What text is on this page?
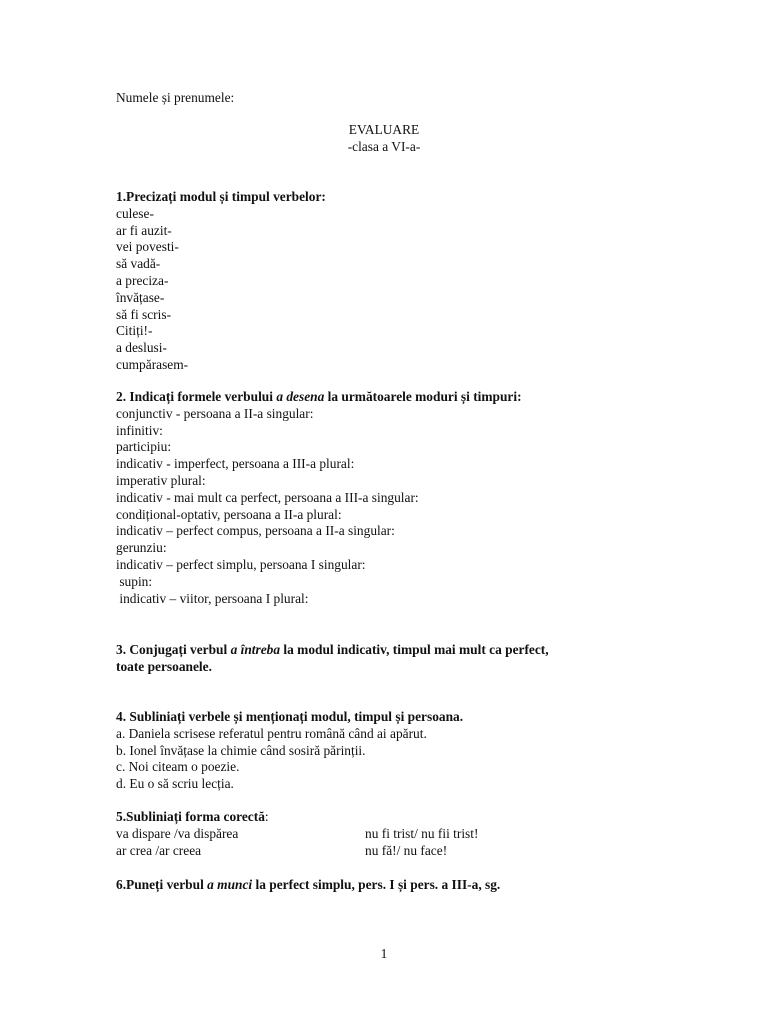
Numele și prenumele:
EVALUARE
-clasa a VI-a-
1.Precizați modul și timpul verbelor:
culese-
ar fi auzit-
vei povesti-
să vadă-
a preciza-
învățase-
să fi scris-
Citiți!-
a deslusi-
cumpărasem-
2. Indicați formele verbului a desena la următoarele moduri și timpuri:
conjunctiv - persoana a II-a singular:
infinitiv:
participiu:
indicativ - imperfect, persoana a III-a plural:
imperativ plural:
indicativ - mai mult ca perfect, persoana a III-a singular:
condițional-optativ, persoana a II-a plural:
indicativ – perfect compus, persoana a II-a singular:
gerunziu:
indicativ – perfect simplu, persoana I singular:
supin:
indicativ – viitor, persoana I plural:
3. Conjugați verbul a întreba la modul indicativ, timpul mai mult ca perfect,
toate persoanele.
4. Subliniați verbele și menționați modul, timpul și persoana.
a. Daniela scrisese referatul pentru română când ai apărut.
b. Ionel învățase la chimie când sosiră părinții.
c. Noi citeam o poezie.
d. Eu o să scriu lecția.
5.Subliniați forma corectă:
va dispare /va dispărea	nu fi trist/ nu fii trist!
ar crea /ar creea	nu fă!/ nu face!
6.Puneți verbul a munci la perfect simplu, pers. I și pers. a III-a, sg.
1
